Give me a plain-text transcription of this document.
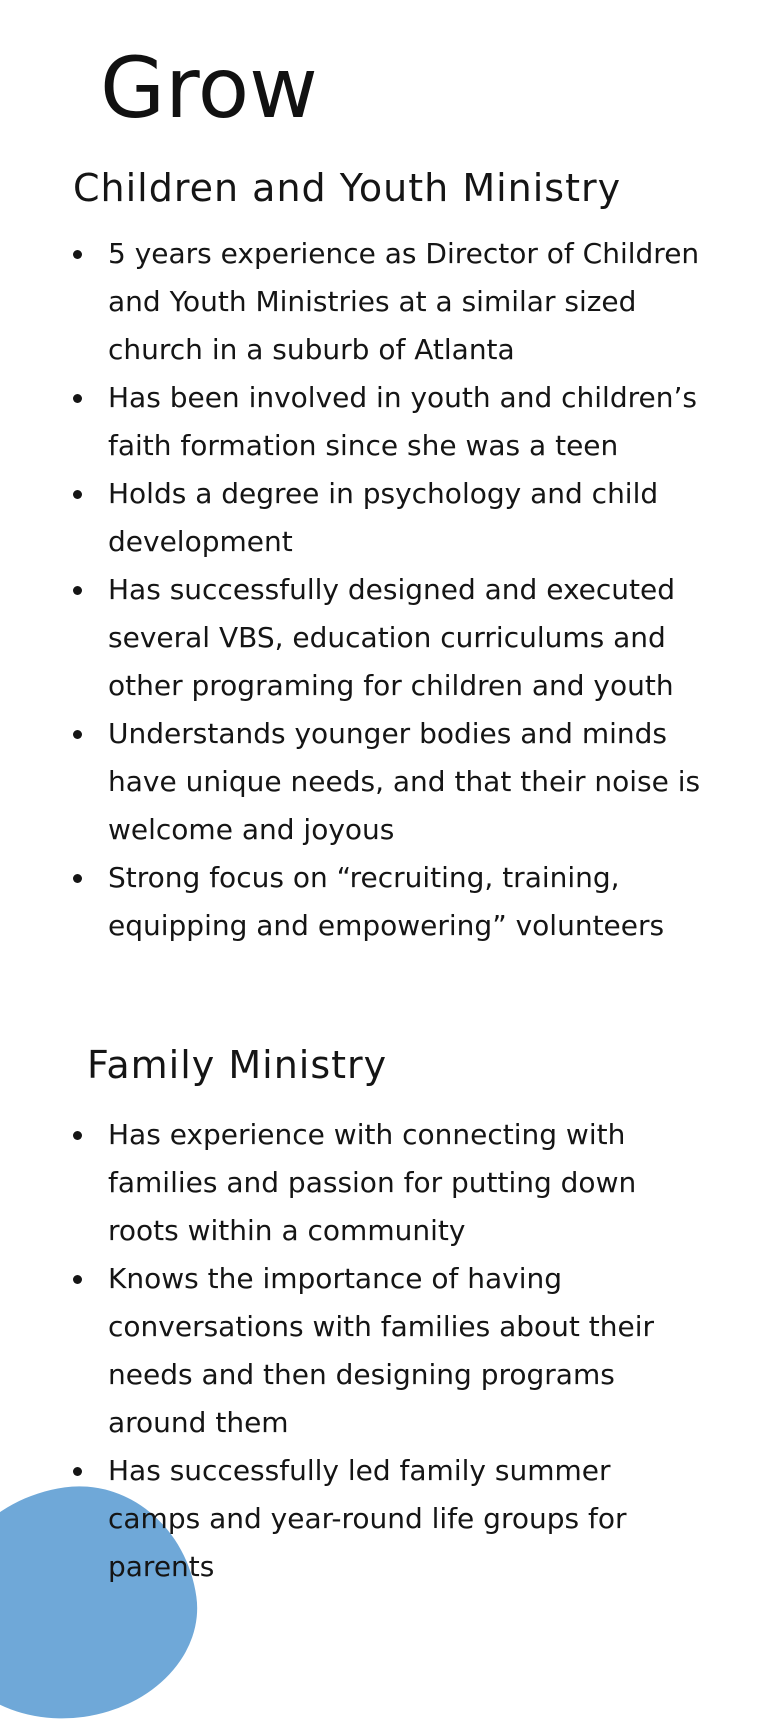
Grow
Children and Youth Ministry
5 years experience as Director of Children
and Youth Ministries at a similar sized
church in a suburb of Atlanta
Has been involved in youth and children’s
faith formation since she was a teen
Holds a degree in psychology and child
development
Has successfully designed and executed
several VBS, education curriculums and
other programing for children and youth
Understands younger bodies and minds
have unique needs, and that their noise is
welcome and joyous
Strong focus on “recruiting, training,
equipping and empowering” volunteers
Family Ministry
Has experience with connecting with
families and passion for putting down
roots within a community
Knows the importance of having
conversations with families about their
needs and then designing programs
around them
Has successfully led family summer
camps and year-round life groups for
parents
